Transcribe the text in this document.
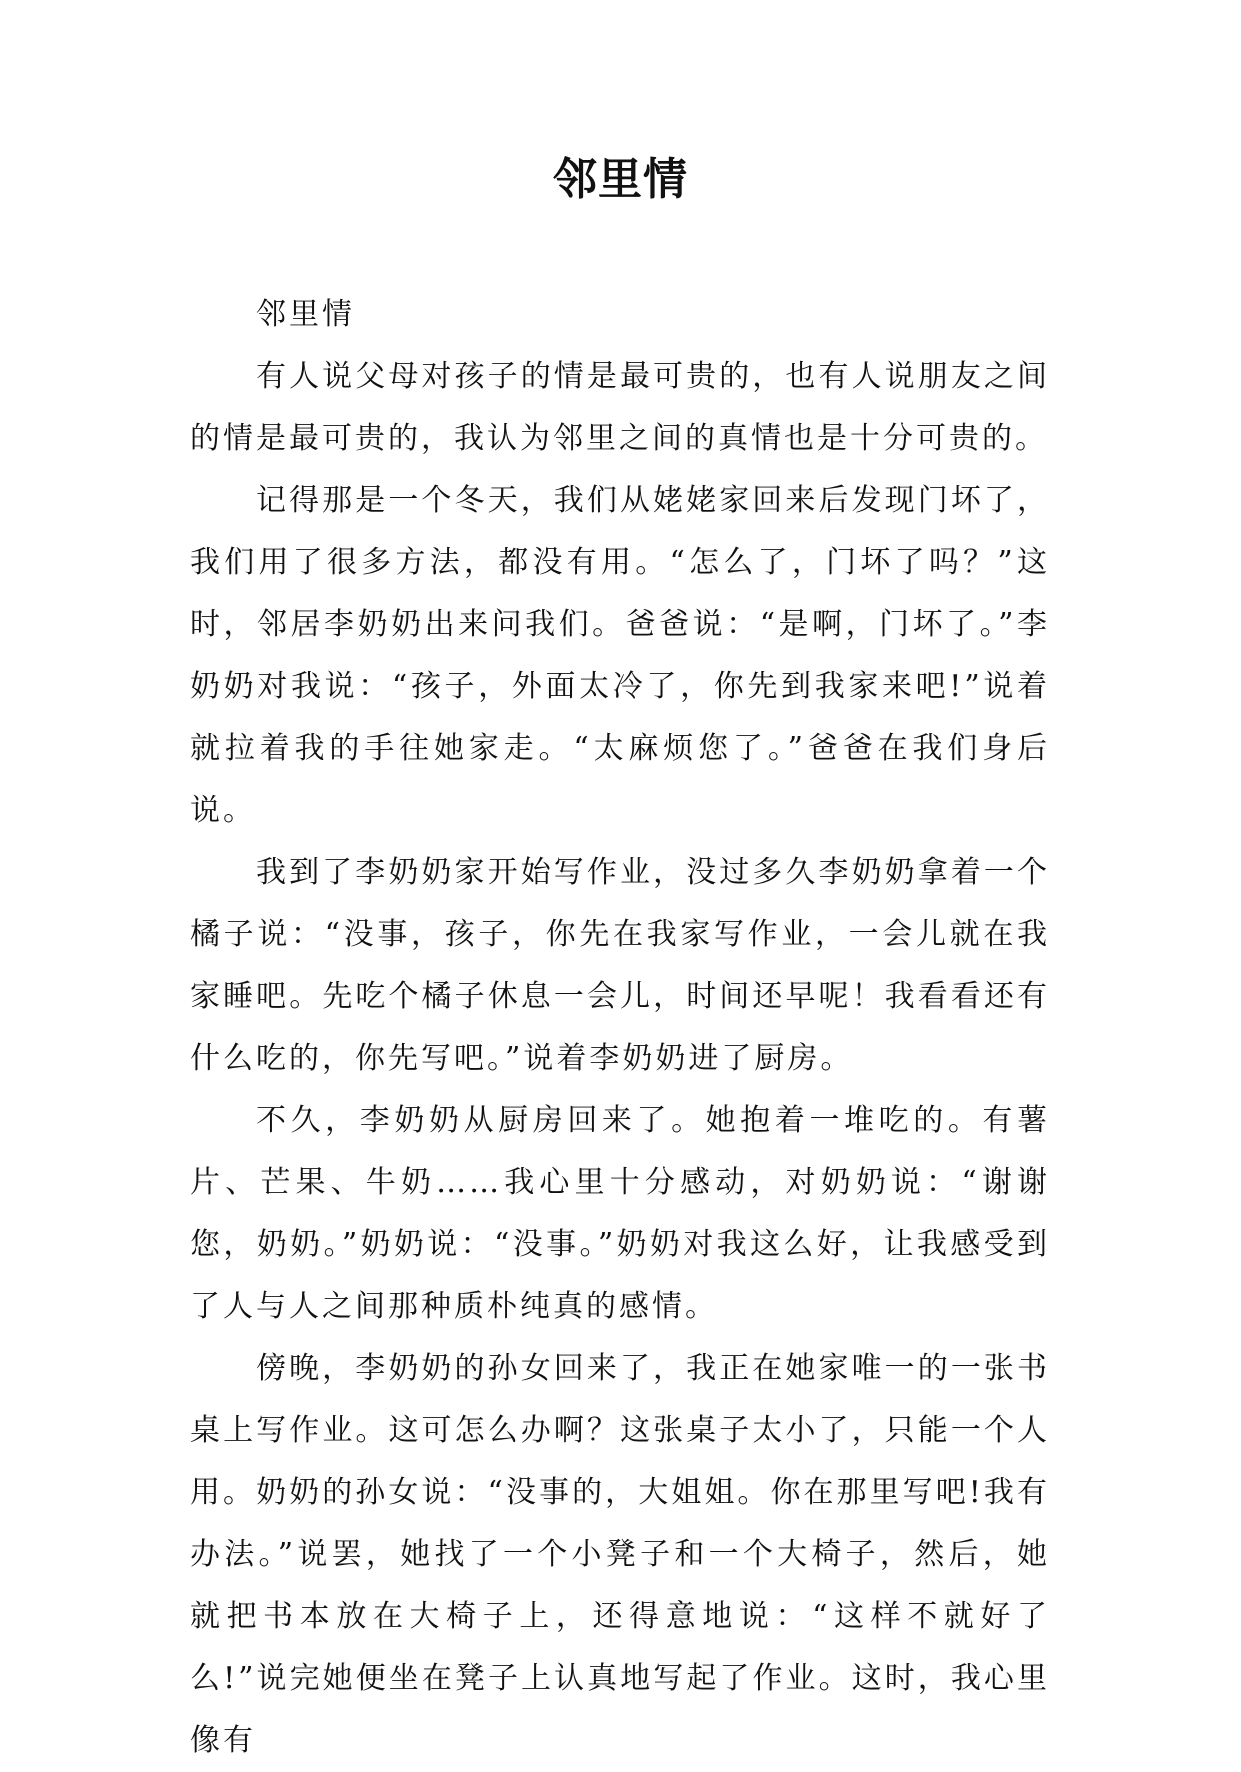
邻里情

邻里情

有人说父母对孩子的情是最可贵的，也有人说朋友之间的情是最可贵的，我认为邻里之间的真情也是十分可贵的。

记得那是一个冬天，我们从姥姥家回来后发现门坏了，我们用了很多方法，都没有用。“怎么了，门坏了吗？”这时，邻居李奶奶出来问我们。爸爸说：“是啊，门坏了。”李奶奶对我说：“孩子，外面太冷了，你先到我家来吧!”说着就拉着我的手往她家走。“太麻烦您了。”爸爸在我们身后说。

我到了李奶奶家开始写作业，没过多久李奶奶拿着一个橘子说：“没事，孩子，你先在我家写作业，一会儿就在我家睡吧。先吃个橘子休息一会儿，时间还早呢！我看看还有什么吃的，你先写吧。”说着李奶奶进了厨房。

不久，李奶奶从厨房回来了。她抱着一堆吃的。有薯片、芒果、牛奶……我心里十分感动，对奶奶说：“谢谢您，奶奶。”奶奶说：“没事。”奶奶对我这么好，让我感受到了人与人之间那种质朴纯真的感情。

傍晚，李奶奶的孙女回来了，我正在她家唯一的一张书桌上写作业。这可怎么办啊？这张桌子太小了，只能一个人用。奶奶的孙女说：“没事的，大姐姐。你在那里写吧!我有办法。”说罢，她找了一个小凳子和一个大椅子，然后，她就把书本放在大椅子上，还得意地说：“这样不就好了么!”说完她便坐在凳子上认真地写起了作业。这时，我心里像有
